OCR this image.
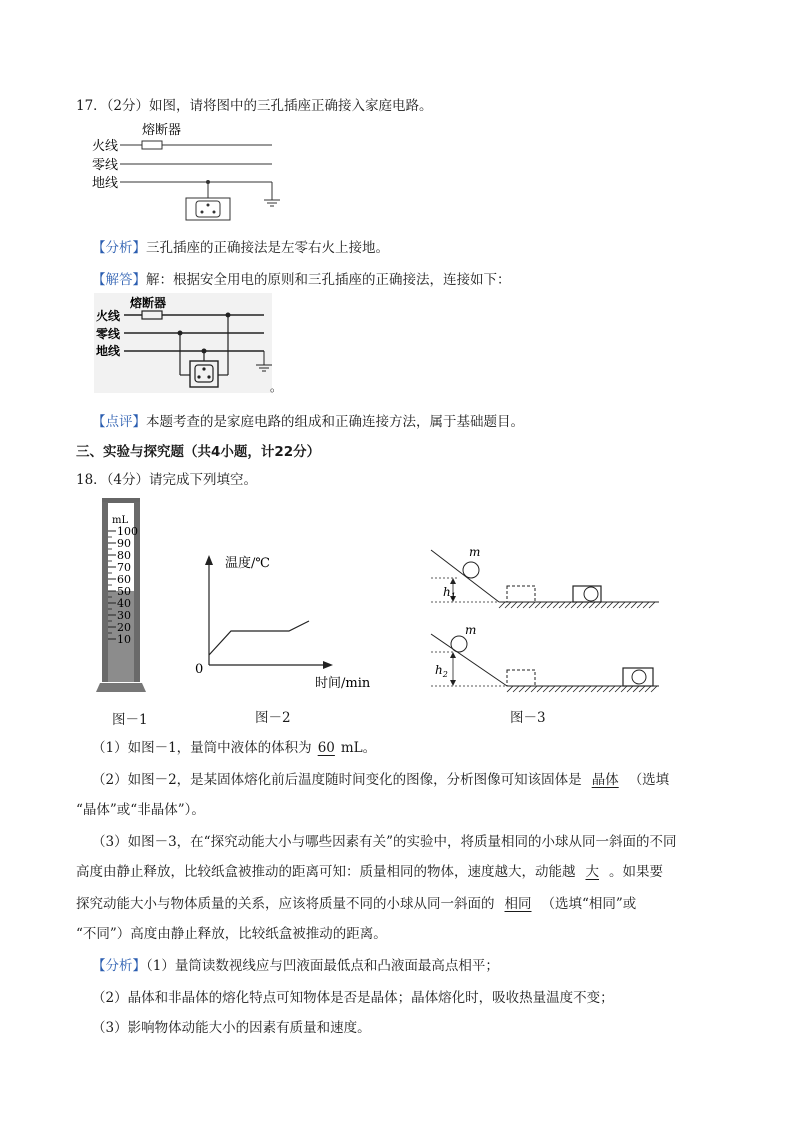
17．（2分）如图，请将图中的三孔插座正确接入家庭电路。
熔断器
火线
零线
地线
【分析】三孔插座的正确接法是左零右火上接地。
【解答】解：根据安全用电的原则和三孔插座的正确接法，连接如下：
熔断器
火线
零线
地线
。
【点评】本题考查的是家庭电路的组成和正确连接方法，属于基础题目。
三、实验与探究题（共4小题，计22分）
18．（4分）请完成下列填空。
mL
100
90
80
70
60
50
40
30
20
10
温度/℃
0
时间/min
m
$h_1$
m
$h_2$
图－1	图－2	图－3
（1）如图－1，量筒中液体的体积为 60 mL。
（2）如图－2，是某固体熔化前后温度随时间变化的图像，分析图像可知该固体是 晶体 （选填
“晶体”或“非晶体”）。
（3）如图－3，在“探究动能大小与哪些因素有关”的实验中，将质量相同的小球从同一斜面的不同
高度由静止释放，比较纸盒被推动的距离可知：质量相同的物体，速度越大，动能越 大 。如果要
探究动能大小与物体质量的关系，应该将质量不同的小球从同一斜面的 相同 （选填“相同”或
“不同”）高度由静止释放，比较纸盒被推动的距离。
【分析】（1）量筒读数视线应与凹液面最低点和凸液面最高点相平；
（2）晶体和非晶体的熔化特点可知物体是否是晶体；晶体熔化时，吸收热量温度不变；
（3）影响物体动能大小的因素有质量和速度。
